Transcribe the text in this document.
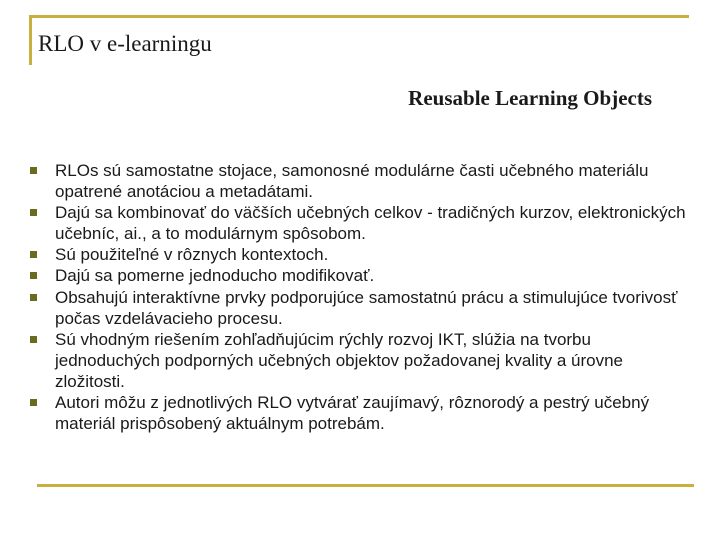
RLO v e-learningu
Reusable Learning Objects
RLOs sú samostatne stojace, samonosné modulárne časti učebného materiálu opatrené anotáciou a metadátami.
Dajú sa kombinovať do väčších učebných celkov - tradičných kurzov, elektronických učebníc, ai., a to modulárnym spôsobom.
Sú použiteľné v rôznych kontextoch.
Dajú sa pomerne jednoducho modifikovať.
Obsahujú interaktívne prvky podporujúce samostatnú prácu a stimulujúce tvorivosť počas vzdelávacieho procesu.
Sú vhodným riešením zohľadňujúcim rýchly rozvoj IKT, slúžia na tvorbu jednoduchých podporných učebných objektov požadovanej kvality a úrovne zložitosti.
Autori môžu z jednotlivých RLO vytvárať zaujímavý, rôznorodý a pestrý učebný materiál prispôsobený aktuálnym potrebám.
